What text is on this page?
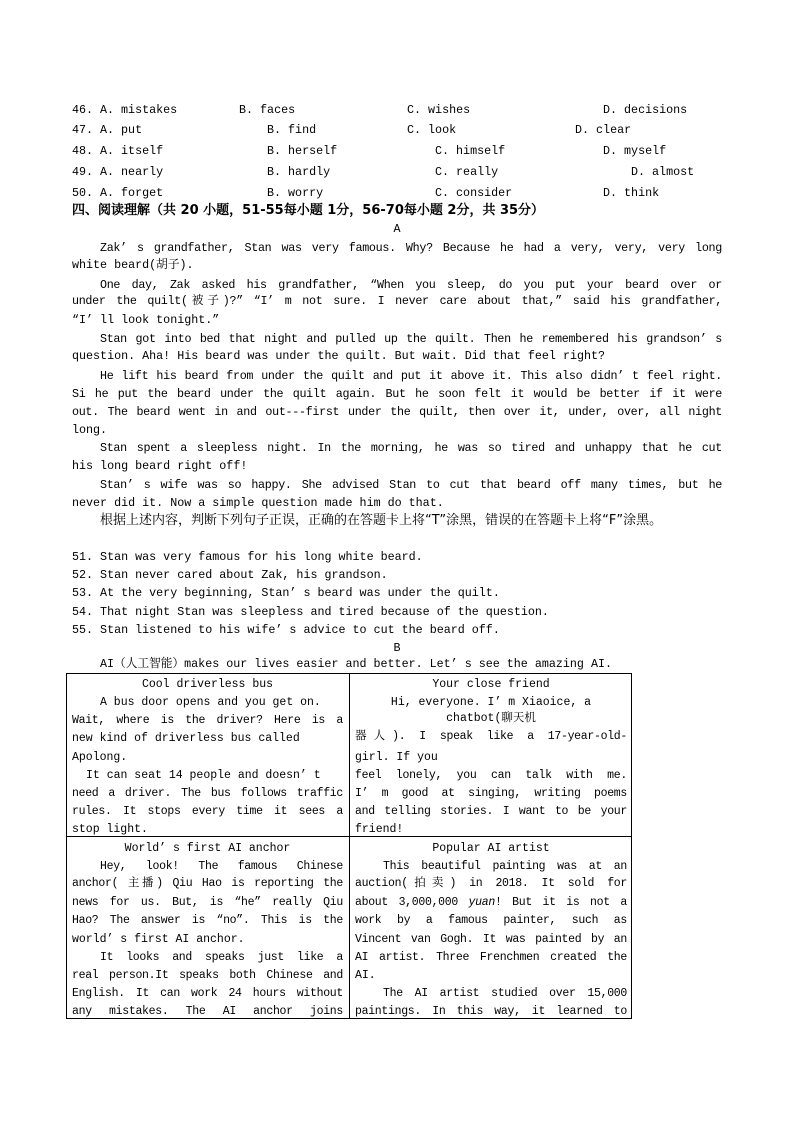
46. A. mistakes	B. faces	C. wishes	D. decisions
47. A. put	B. find	C. look	D. clear
48. A. itself	B. herself	C. himself	D. myself
49. A. nearly	B. hardly	C. really	D. almost
50. A. forget	B. worry	C. consider	D. think
四、阅读理解（共 20 小题，51-55每小题 1分，56-70每小题 2分，共 35分）
A
Zak’ s grandfather, Stan was very famous. Why? Because he had a very, very, very long
white beard(胡子).
One day, Zak asked his grandfather, “When you sleep, do you put your beard over or
under the quilt(被子)?” “I’ m not sure. I never care about that,” said his grandfather,
“I’ ll look tonight.”
Stan got into bed that night and pulled up the quilt. Then he remembered his grandson’ s
question. Aha! His beard was under the quilt. But wait. Did that feel right?
He lift his beard from under the quilt and put it above it. This also didn’ t feel right.
Si he put the beard under the quilt again. But he soon felt it would be better if it were
out. The beard went in and out---first under the quilt, then over it, under, over, all night
long.
Stan spent a sleepless night. In the morning, he was so tired and unhappy that he cut
his long beard right off!
Stan’ s wife was so happy. She advised Stan to cut that beard off many times, but he
never did it. Now a simple question made him do that.
根据上述内容，判断下列句子正误，正确的在答题卡上将“T”涂黑，错误的在答题卡上将“F”涂黑。
51. Stan was very famous for his long white beard.
52. Stan never cared about Zak, his grandson.
53. At the very beginning, Stan’ s beard was under the quilt.
54. That night Stan was sleepless and tired because of the question.
55. Stan listened to his wife’ s advice to cut the beard off.
B
AI（人工智能）makes our lives easier and better. Let’ s see the amazing AI.
Cool driverless bus
A bus door opens and you get on.
Wait, where is the driver? Here is a
new kind of driverless bus called
Apolong.
It can seat 14 people and doesn’ t
need a driver. The bus follows traffic
rules. It stops every time it sees a
stop light.
Your close friend
Hi, everyone. I’ m Xiaoice, a
chatbot(聊天机
器人). I speak like a 17-year-old-
girl. If you
feel lonely, you can talk with me.
I’ m good at singing, writing poems
and telling stories. I want to be your
friend!
World’ s first AI anchor
Hey, look! The famous Chinese
anchor( 主播) Qiu Hao is reporting the
news for us. But, is “he” really Qiu
Hao? The answer is “no”. This is the
world’ s first AI anchor.
It looks and speaks just like a
real person.It speaks both Chinese and
English. It can work 24 hours without
any mistakes. The AI anchor joins
Popular AI artist
This beautiful painting was at an
auction(拍卖) in 2018. It sold for
about 3,000,000 yuan! But it is not a
work by a famous painter, such as
Vincent van Gogh. It was painted by an
AI artist. Three Frenchmen created the
AI.
The AI artist studied over 15,000
paintings. In this way, it learned to
